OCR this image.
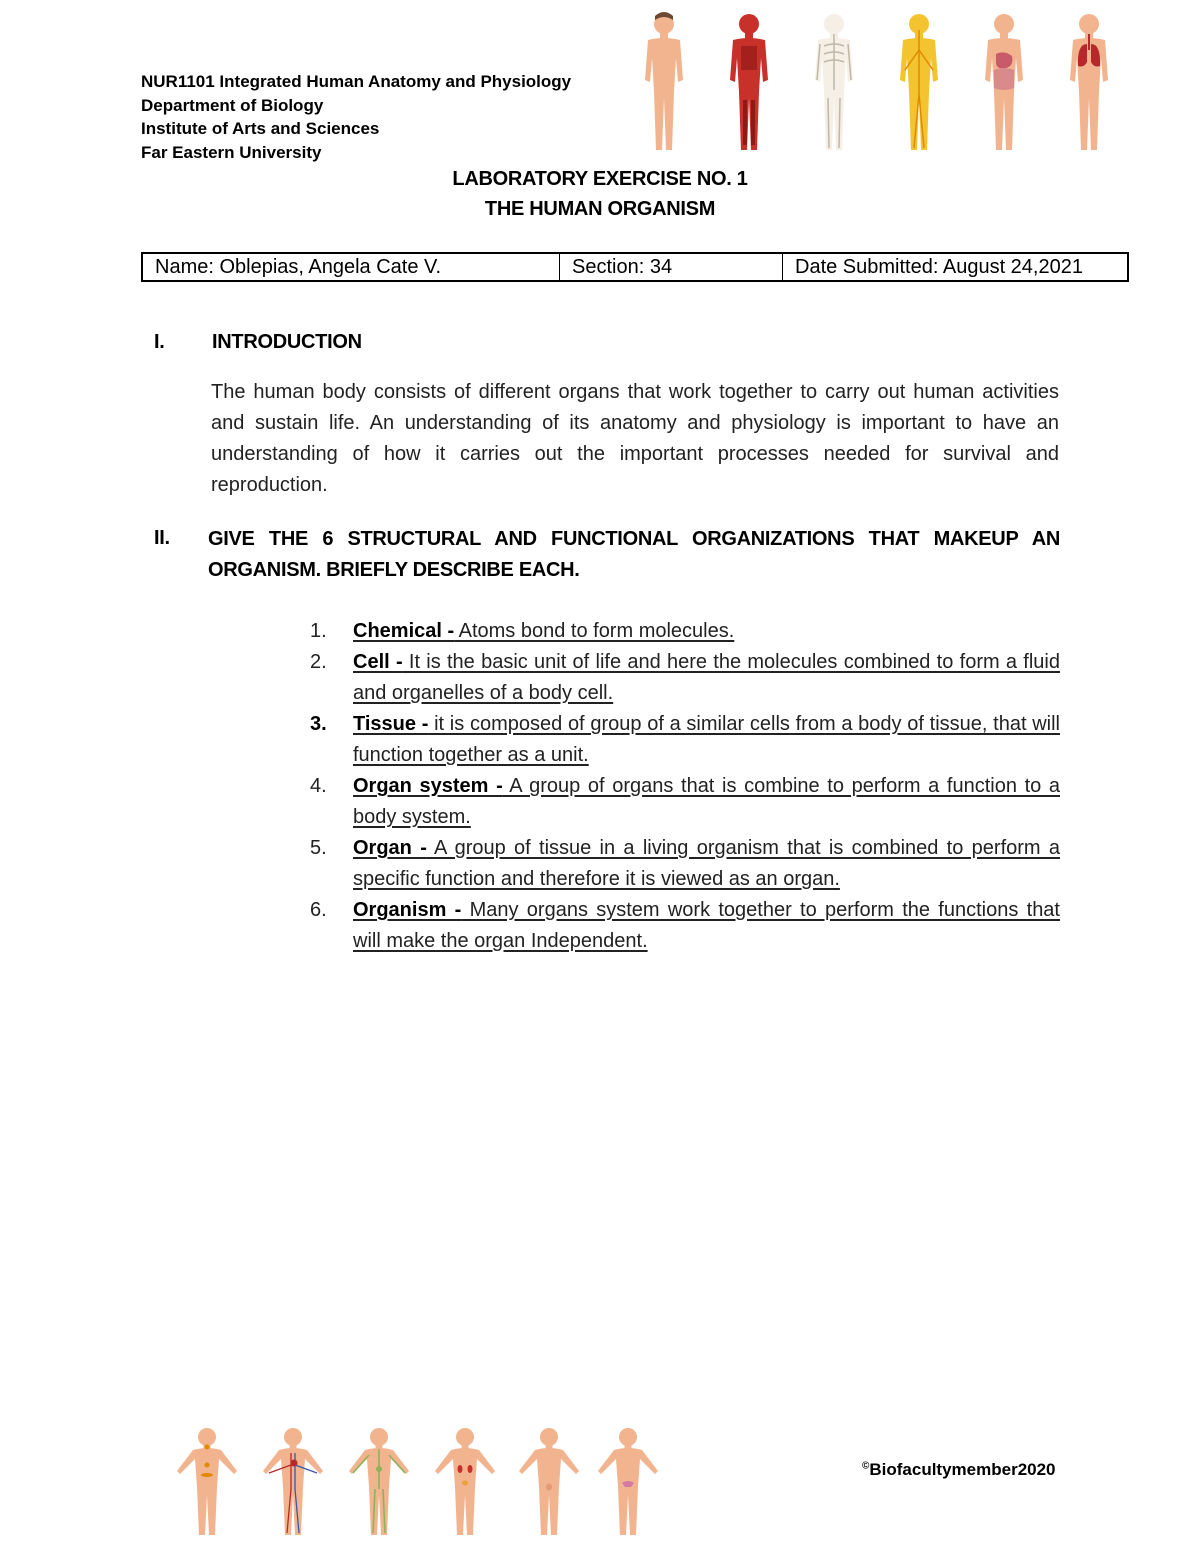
NUR1101 Integrated Human Anatomy and Physiology
Department of Biology
Institute of Arts and Sciences
Far Eastern University
LABORATORY EXERCISE NO. 1
THE HUMAN ORGANISM
Name: Oblepias, Angela Cate V.	Section: 34	Date Submitted: August 24,2021
I. INTRODUCTION
The human body consists of different organs that work together to carry out human activities and sustain life. An understanding of its anatomy and physiology is important to have an understanding of how it carries out the important processes needed for survival and reproduction.
II. GIVE THE 6 STRUCTURAL AND FUNCTIONAL ORGANIZATIONS THAT MAKEUP AN ORGANISM. BRIEFLY DESCRIBE EACH.
1.	Chemical - Atoms bond to form molecules.
2.	Cell - It is the basic unit of life and here the molecules combined to form a fluid and organelles of a body cell.
3.	Tissue - it is composed of group of a similar cells from a body of tissue, that will function together as a unit.
4.	Organ system - A group of organs that is combine to perform a function to a body system.
5.	Organ - A group of tissue in a living organism that is combined to perform a specific function and therefore it is viewed as an organ.
6.	Organism - Many organs system work together to perform the functions that will make the organ Independent.
©Biofacultymember2020
